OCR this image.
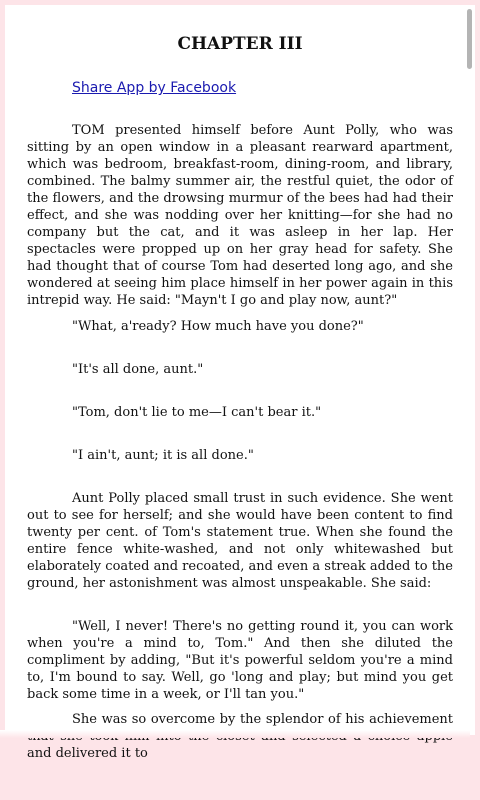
CHAPTER III
Share App by Facebook

TOM presented himself before Aunt Polly, who was sitting by an open window in a pleasant rearward apartment, which was bedroom, breakfast-room, dining-room, and library, combined. The balmy summer air, the restful quiet, the odor of the flowers, and the drowsing murmur of the bees had had their effect, and she was nodding over her knitting—for she had no company but the cat, and it was asleep in her lap. Her spectacles were propped up on her gray head for safety. She had thought that of course Tom had deserted long ago, and she wondered at seeing him place himself in her power again in this intrepid way. He said: "Mayn't I go and play now, aunt?"

"What, a'ready? How much have you done?"

"It's all done, aunt."

"Tom, don't lie to me—I can't bear it."

"I ain't, aunt; it is all done."

Aunt Polly placed small trust in such evidence. She went out to see for herself; and she would have been content to find twenty per cent. of Tom's statement true. When she found the entire fence white-washed, and not only whitewashed but elaborately coated and recoated, and even a streak added to the ground, her astonishment was almost unspeakable. She said:

"Well, I never! There's no getting round it, you can work when you're a mind to, Tom." And then she diluted the compliment by adding, "But it's powerful seldom you're a mind to, I'm bound to say. Well, go 'long and play; but mind you get back some time in a week, or I'll tan you."

She was so overcome by the splendor of his achievement and delivered it to
